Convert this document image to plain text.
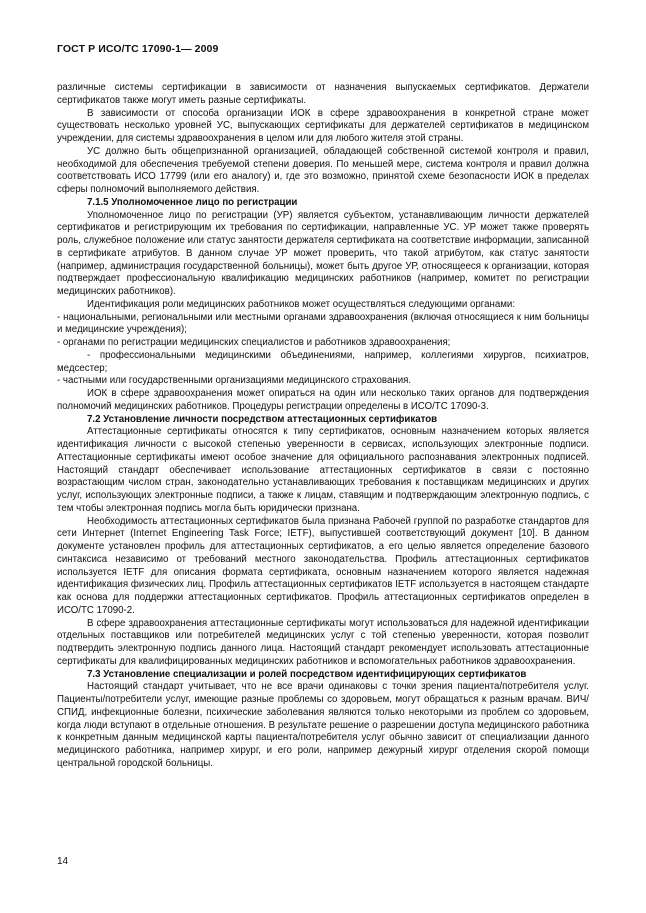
ГОСТ Р ИСО/ТС 17090-1— 2009

различные системы сертификации в зависимости от назначения выпускаемых сертификатов. Держатели сертификатов также могут иметь разные сертификаты.

В зависимости от способа организации ИОК в сфере здравоохранения в конкретной стране может существовать несколько уровней УС, выпускающих сертификаты для держателей сертификатов в медицинском учреждении, для системы здравоохранения в целом или для любого жителя этой страны.

УС должно быть общепризнанной организацией, обладающей собственной системой контроля и правил, необходимой для обеспечения требуемой степени доверия. По меньшей мере, система контроля и правил должна соответствовать ИСО 17799 (или его аналогу) и, где это возможно, принятой схеме безопасности ИОК в пределах сферы полномочий выполняемого действия.

7.1.5 Уполномоченное лицо по регистрации

Уполномоченное лицо по регистрации (УР) является субъектом, устанавливающим личности держателей сертификатов и регистрирующим их требования по сертификации, направленные УС. УР может также проверять роль, служебное положение или статус занятости держателя сертификата на соответствие информации, записанной в сертификате атрибутов. В данном случае УР может проверить, что такой атрибутом, как статус занятости (например, администрация государственной больницы), может быть другое УР, относящееся к организации, которая подтверждает профессиональную квалификацию медицинских работников (например, комитет по регистрации медицинских работников).

Идентификация роли медицинских работников может осуществляться следующими органами:

- национальными, региональными или местными органами здравоохранения (включая относящиеся к ним больницы и медицинские учреждения);

- органами по регистрации медицинских специалистов и работников здравоохранения;

- профессиональными медицинскими объединениями, например, коллегиями хирургов, психиатров, медсестер;

- частными или государственными организациями медицинского страхования.

ИОК в сфере здравоохранения может опираться на один или несколько таких органов для подтверждения полномочий медицинских работников. Процедуры регистрации определены в ИСО/ТС 17090-3.

7.2 Установление личности посредством аттестационных сертификатов

Аттестационные сертификаты относятся к типу сертификатов, основным назначением которых является идентификация личности с высокой степенью уверенности в сервисах, использующих электронные подписи. Аттестационные сертификаты имеют особое значение для официального распознавания электронных подписей. Настоящий стандарт обеспечивает использование аттестационных сертификатов в связи с постоянно возрастающим числом стран, законодательно устанавливающих требования к поставщикам медицинских и других услуг, использующих электронные подписи, а также к лицам, ставящим и подтверждающим электронную подпись, с тем чтобы электронная подпись могла быть юридически признана.

Необходимость аттестационных сертификатов была признана Рабочей группой по разработке стандартов для сети Интернет (Internet Engineering Task Force; IETF), выпустившей соответствующий документ [10]. В данном документе установлен профиль для аттестационных сертификатов, а его целью является определение базового синтаксиса независимо от требований местного законодательства. Профиль аттестационных сертификатов используется IETF для описания формата сертификата, основным назначением которого является надежная идентификация физических лиц. Профиль аттестационных сертификатов IETF используется в настоящем стандарте как основа для поддержки аттестационных сертификатов. Профиль аттестационных сертификатов определен в ИСО/ТС 17090-2.

В сфере здравоохранения аттестационные сертификаты могут использоваться для надежной идентификации отдельных поставщиков или потребителей медицинских услуг с той степенью уверенности, которая позволит подтвердить электронную подпись данного лица. Настоящий стандарт рекомендует использовать аттестационные сертификаты для квалифицированных медицинских работников и вспомогательных работников здравоохранения.

7.3 Установление специализации и ролей посредством идентифицирующих сертификатов

Настоящий стандарт учитывает, что не все врачи одинаковы с точки зрения пациента/потребителя услуг. Пациенты/потребители услуг, имеющие разные проблемы со здоровьем, могут обращаться к разным врачам. ВИЧ/СПИД, инфекционные болезни, психические заболевания являются только некоторыми из проблем со здоровьем, когда люди вступают в отдельные отношения. В результате решение о разрешении доступа медицинского работника к конкретным данным медицинской карты пациента/потребителя услуг обычно зависит от специализации данного медицинского работника, например хирург, и его роли, например дежурный хирург отделения скорой помощи центральной городской больницы.

14
